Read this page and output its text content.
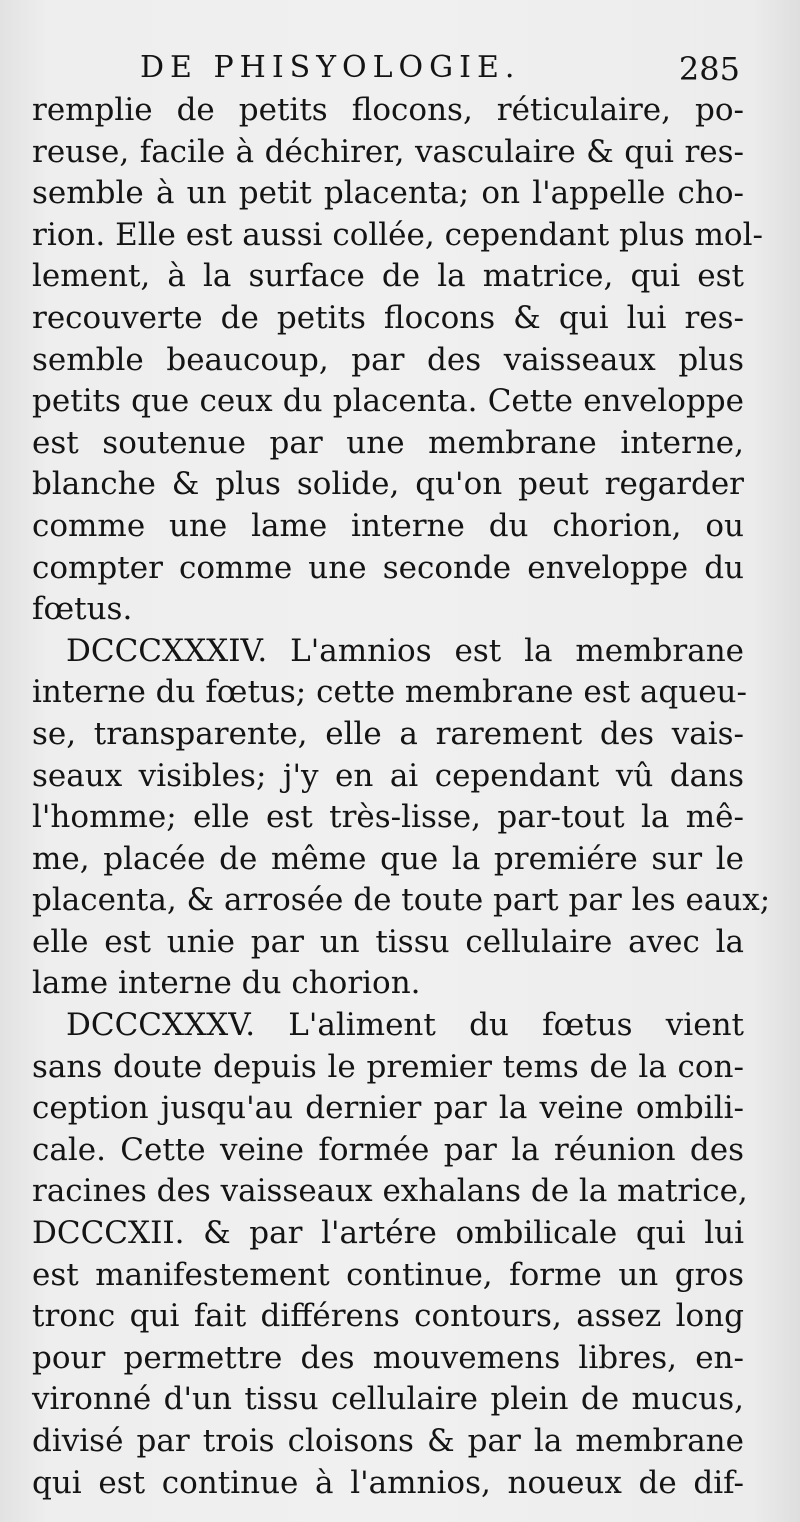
DE PHISYOLOGIE.	285
remplie de petits flocons, réticulaire, po-
reuse, facile à déchirer, vasculaire & qui res-
semble à un petit placenta; on l'appelle cho-
rion. Elle est aussi collée, cependant plus mol-
lement, à la surface de la matrice, qui est
recouverte de petits flocons & qui lui res-
semble beaucoup, par des vaisseaux plus
petits que ceux du placenta. Cette enveloppe
est soutenue par une membrane interne,
blanche & plus solide, qu'on peut regarder
comme une lame interne du chorion, ou
compter comme une seconde enveloppe du
fœtus.
DCCCXXXIV. L'amnios est la membrane
interne du fœtus; cette membrane est aqueu-
se, transparente, elle a rarement des vais-
seaux visibles; j'y en ai cependant vû dans
l'homme; elle est très-lisse, par-tout la mê-
me, placée de même que la premiére sur le
placenta, & arrosée de toute part par les eaux;
elle est unie par un tissu cellulaire avec la
lame interne du chorion.
DCCCXXXV. L'aliment du fœtus vient
sans doute depuis le premier tems de la con-
ception jusqu'au dernier par la veine ombili-
cale. Cette veine formée par la réunion des
racines des vaisseaux exhalans de la matrice,
DCCCXII. & par l'artére ombilicale qui lui
est manifestement continue, forme un gros
tronc qui fait différens contours, assez long
pour permettre des mouvemens libres, en-
vironné d'un tissu cellulaire plein de mucus,
divisé par trois cloisons & par la membrane
qui est continue à l'amnios, noueux de dif-
